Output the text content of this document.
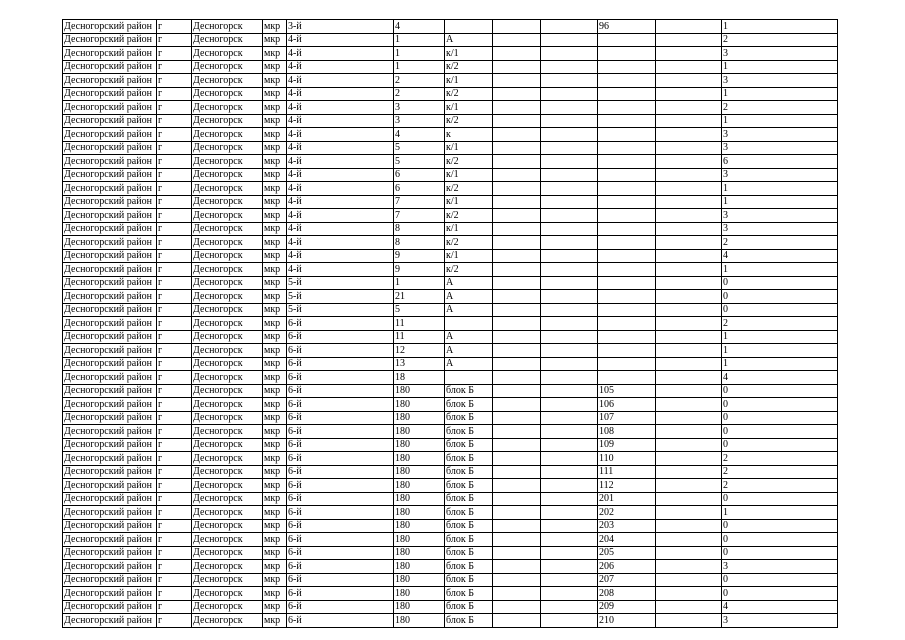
Десногорский район	г	Десногорск	мкр	3-й	4				96		1
Десногорский район	г	Десногорск	мкр	4-й	1	А					2
Десногорский район	г	Десногорск	мкр	4-й	1	к/1					3
Десногорский район	г	Десногорск	мкр	4-й	1	к/2					1
Десногорский район	г	Десногорск	мкр	4-й	2	к/1					3
Десногорский район	г	Десногорск	мкр	4-й	2	к/2					1
Десногорский район	г	Десногорск	мкр	4-й	3	к/1					2
Десногорский район	г	Десногорск	мкр	4-й	3	к/2					1
Десногорский район	г	Десногорск	мкр	4-й	4	к					3
Десногорский район	г	Десногорск	мкр	4-й	5	к/1					3
Десногорский район	г	Десногорск	мкр	4-й	5	к/2					6
Десногорский район	г	Десногорск	мкр	4-й	6	к/1					3
Десногорский район	г	Десногорск	мкр	4-й	6	к/2					1
Десногорский район	г	Десногорск	мкр	4-й	7	к/1					1
Десногорский район	г	Десногорск	мкр	4-й	7	к/2					3
Десногорский район	г	Десногорск	мкр	4-й	8	к/1					3
Десногорский район	г	Десногорск	мкр	4-й	8	к/2					2
Десногорский район	г	Десногорск	мкр	4-й	9	к/1					4
Десногорский район	г	Десногорск	мкр	4-й	9	к/2					1
Десногорский район	г	Десногорск	мкр	5-й	1	А					0
Десногорский район	г	Десногорск	мкр	5-й	21	А					0
Десногорский район	г	Десногорск	мкр	5-й	5	А					0
Десногорский район	г	Десногорск	мкр	6-й	11						2
Десногорский район	г	Десногорск	мкр	6-й	11	А					1
Десногорский район	г	Десногорск	мкр	6-й	12	А					1
Десногорский район	г	Десногорск	мкр	6-й	13	А					1
Десногорский район	г	Десногорск	мкр	6-й	18						4
Десногорский район	г	Десногорск	мкр	6-й	180	блок Б			105		0
Десногорский район	г	Десногорск	мкр	6-й	180	блок Б			106		0
Десногорский район	г	Десногорск	мкр	6-й	180	блок Б			107		0
Десногорский район	г	Десногорск	мкр	6-й	180	блок Б			108		0
Десногорский район	г	Десногорск	мкр	6-й	180	блок Б			109		0
Десногорский район	г	Десногорск	мкр	6-й	180	блок Б			110		2
Десногорский район	г	Десногорск	мкр	6-й	180	блок Б			111		2
Десногорский район	г	Десногорск	мкр	6-й	180	блок Б			112		2
Десногорский район	г	Десногорск	мкр	6-й	180	блок Б			201		0
Десногорский район	г	Десногорск	мкр	6-й	180	блок Б			202		1
Десногорский район	г	Десногорск	мкр	6-й	180	блок Б			203		0
Десногорский район	г	Десногорск	мкр	6-й	180	блок Б			204		0
Десногорский район	г	Десногорск	мкр	6-й	180	блок Б			205		0
Десногорский район	г	Десногорск	мкр	6-й	180	блок Б			206		3
Десногорский район	г	Десногорск	мкр	6-й	180	блок Б			207		0
Десногорский район	г	Десногорск	мкр	6-й	180	блок Б			208		0
Десногорский район	г	Десногорск	мкр	6-й	180	блок Б			209		4
Десногорский район	г	Десногорск	мкр	6-й	180	блок Б			210		3
